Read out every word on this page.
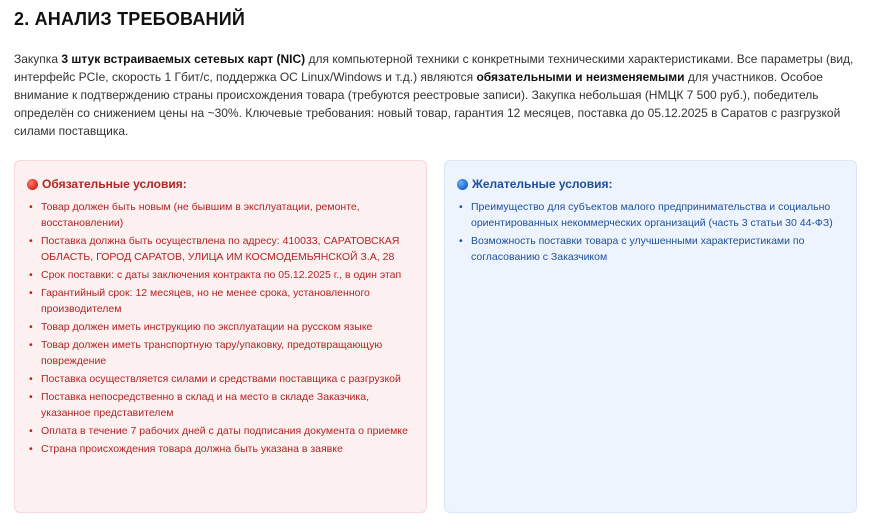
2. АНАЛИЗ ТРЕБОВАНИЙ

Закупка 3 штук встраиваемых сетевых карт (NIC) для компьютерной техники с конкретными техническими характеристиками. Все параметры (вид, интерфейс PCIe, скорость 1 Гбит/с, поддержка ОС Linux/Windows и т.д.) являются обязательными и неизменяемыми для участников. Особое внимание к подтверждению страны происхождения товара (требуются реестровые записи). Закупка небольшая (НМЦК 7 500 руб.), победитель определён со снижением цены на ~30%. Ключевые требования: новый товар, гарантия 12 месяцев, поставка до 05.12.2025 в Саратов с разгрузкой силами поставщика.

Обязательные условия:
• Товар должен быть новым (не бывшим в эксплуатации, ремонте, восстановлении)
• Поставка должна быть осуществлена по адресу: 410033, САРАТОВСКАЯ ОБЛАСТЬ, ГОРОД САРАТОВ, УЛИЦА ИМ КОСМОДЕМЬЯНСКОЙ З.А, 28
• Срок поставки: с даты заключения контракта по 05.12.2025 г., в один этап
• Гарантийный срок: 12 месяцев, но не менее срока, установленного производителем
• Товар должен иметь инструкцию по эксплуатации на русском языке
• Товар должен иметь транспортную тару/упаковку, предотвращающую повреждение
• Поставка осуществляется силами и средствами поставщика с разгрузкой
• Поставка непосредственно в склад и на место в складе Заказчика, указанное представителем
• Оплата в течение 7 рабочих дней с даты подписания документа о приемке
• Страна происхождения товара должна быть указана в заявке
Желательные условия:
• Преимущество для субъектов малого предпринимательства и социально ориентированных некоммерческих организаций (часть 3 статьи 30 44-ФЗ)
• Возможность поставки товара с улучшенными характеристиками по согласованию с Заказчиком
